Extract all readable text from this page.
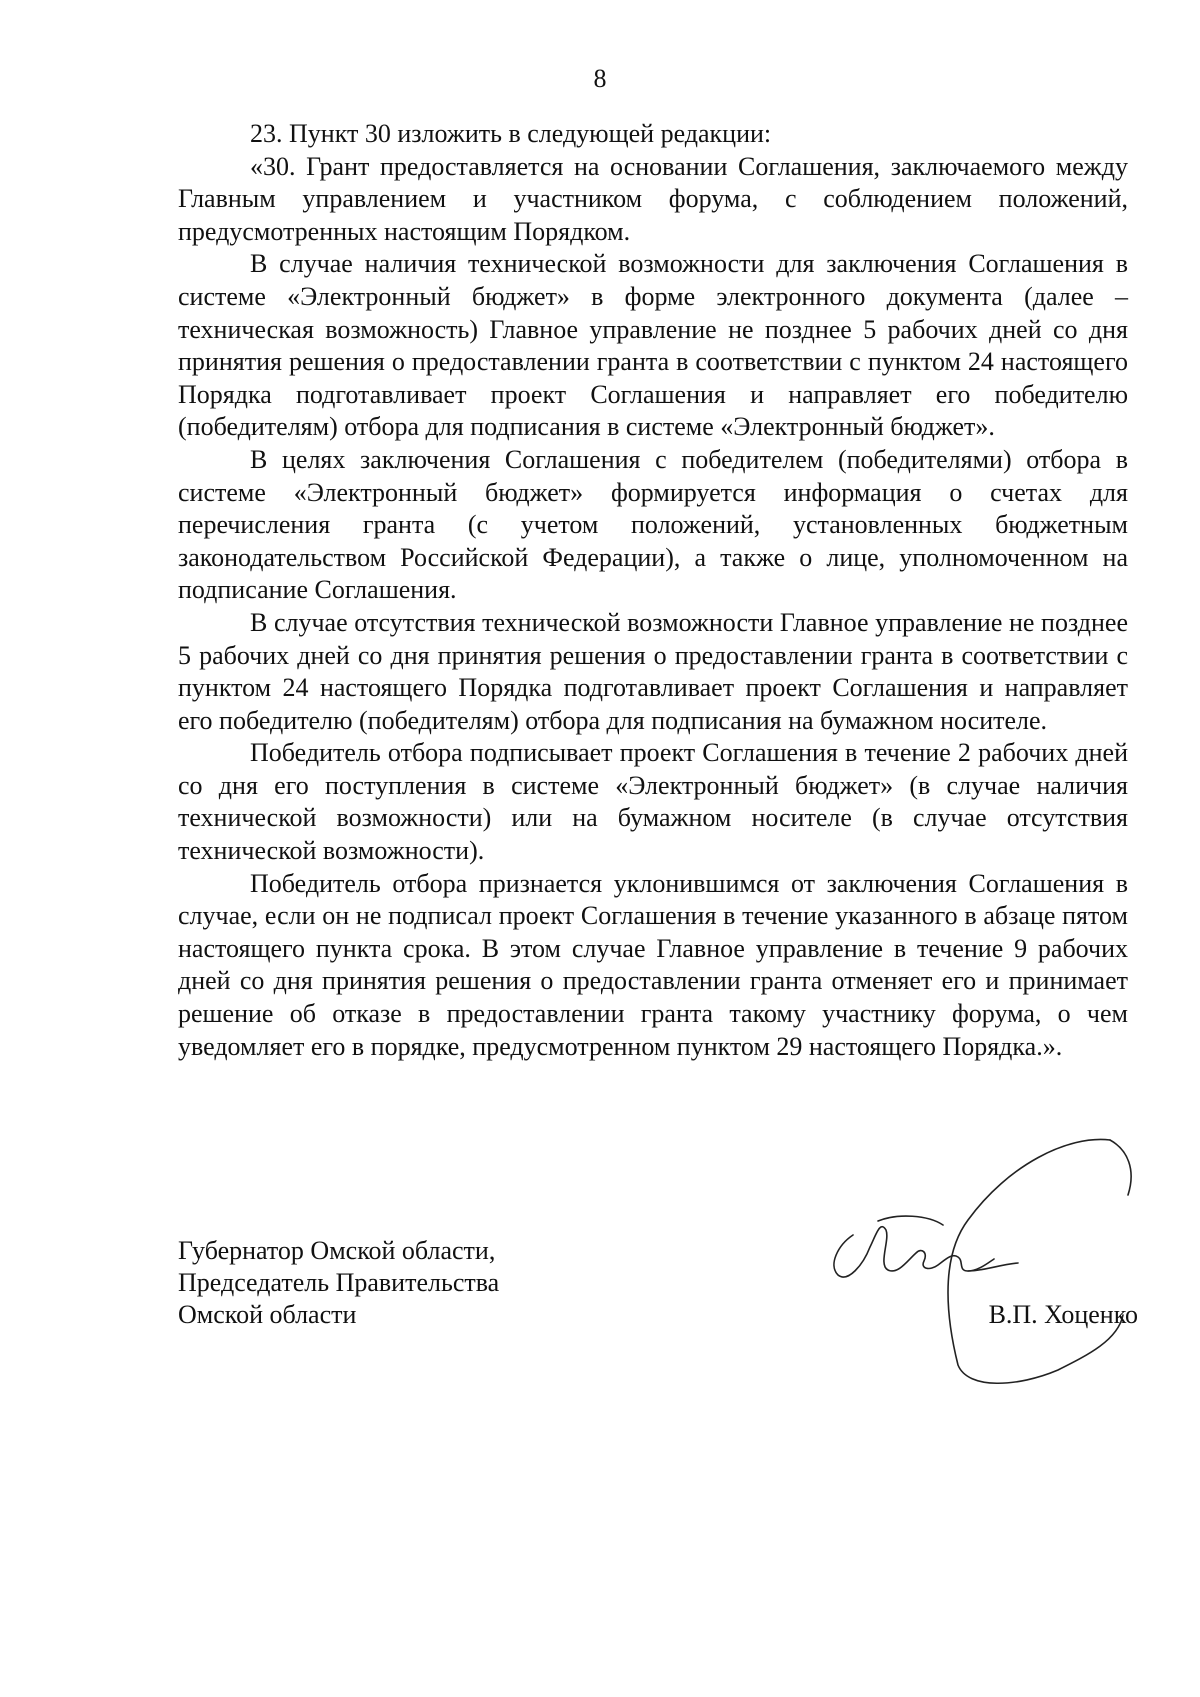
8

23. Пункт 30 изложить в следующей редакции:

«30. Грант предоставляется на основании Соглашения, заключаемого между Главным управлением и участником форума, с соблюдением положений, предусмотренных настоящим Порядком.

В случае наличия технической возможности для заключения Соглашения в системе «Электронный бюджет» в форме электронного документа (далее – техническая возможность) Главное управление не позднее 5 рабочих дней со дня принятия решения о предоставлении гранта в соответствии с пунктом 24 настоящего Порядка подготавливает проект Соглашения и направляет его победителю (победителям) отбора для подписания в системе «Электронный бюджет».

В целях заключения Соглашения с победителем (победителями) отбора в системе «Электронный бюджет» формируется информация о счетах для перечисления гранта (с учетом положений, установленных бюджетным законодательством Российской Федерации), а также о лице, уполномоченном на подписание Соглашения.

В случае отсутствия технической возможности Главное управление не позднее 5 рабочих дней со дня принятия решения о предоставлении гранта в соответствии с пунктом 24 настоящего Порядка подготавливает проект Соглашения и направляет его победителю (победителям) отбора для подписания на бумажном носителе.

Победитель отбора подписывает проект Соглашения в течение 2 рабочих дней со дня его поступления в системе «Электронный бюджет» (в случае наличия технической возможности) или на бумажном носителе (в случае отсутствия технической возможности).

Победитель отбора признается уклонившимся от заключения Соглашения в случае, если он не подписал проект Соглашения в течение указанного в абзаце пятом настоящего пункта срока. В этом случае Главное управление в течение 9 рабочих дней со дня принятия решения о предоставлении гранта отменяет его и принимает решение об отказе в предоставлении гранта такому участнику форума, о чем уведомляет его в порядке, предусмотренном пунктом 29 настоящего Порядка.».

Губернатор Омской области,
Председатель Правительства
Омской области	В.П. Хоценко
